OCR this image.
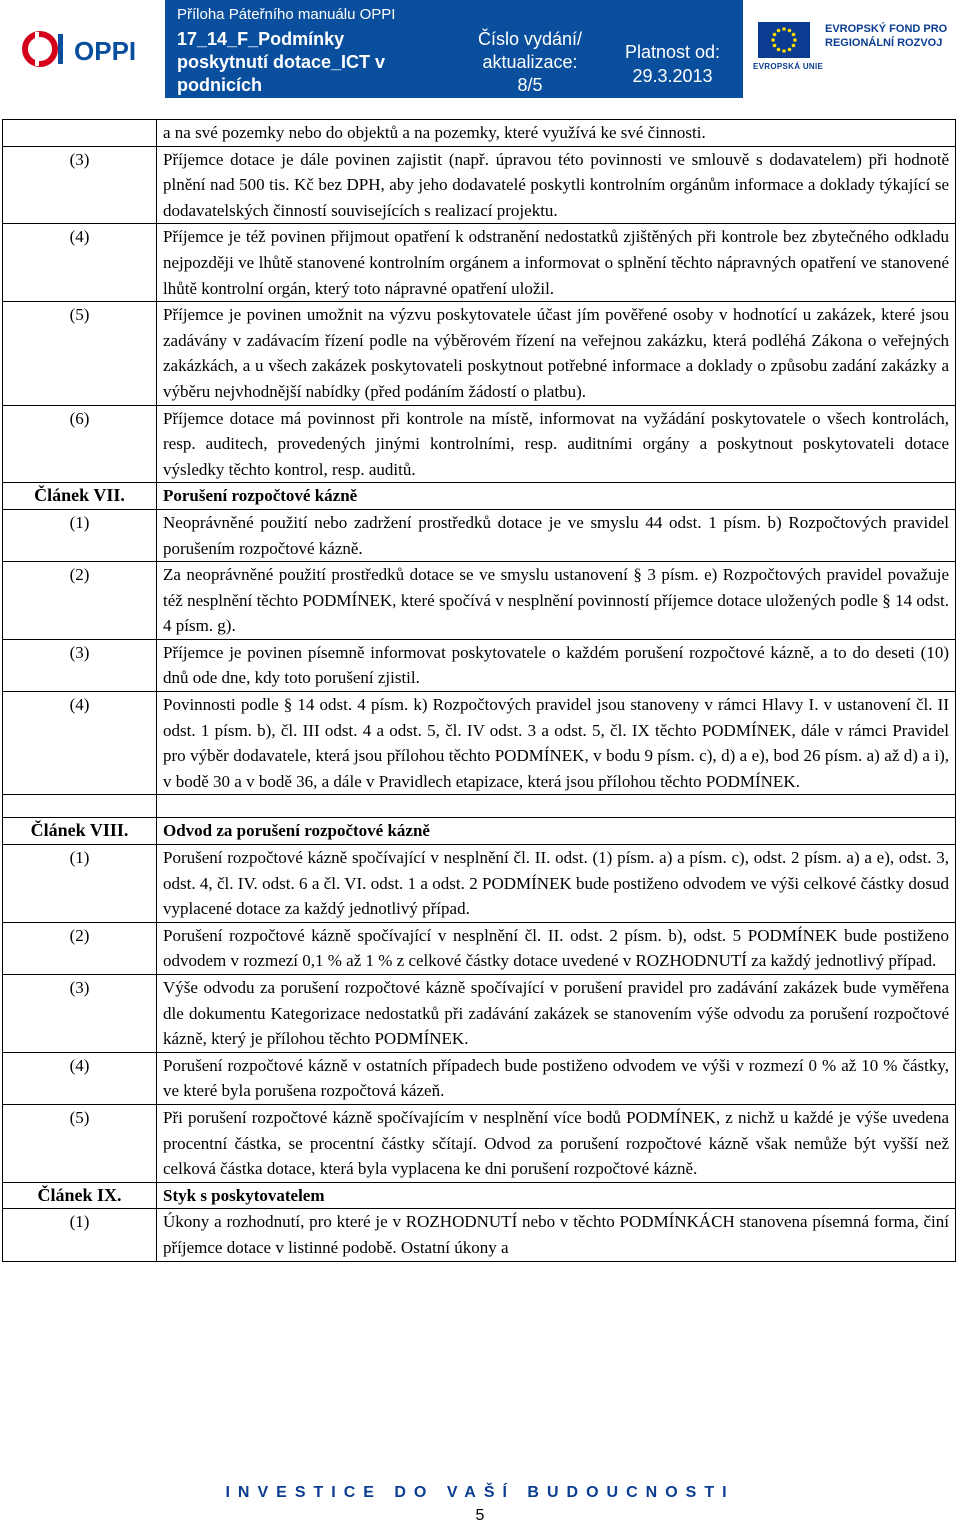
OPPI
Příloha Páteřního manuálu OPPI
17_14_F_Podmínky poskytnutí dotace_ICT v podnicích
Číslo vydání/ aktualizace:
8/5
Platnost od:
29.3.2013	EVROPSKÁ UNIE
EVROPSKÝ FOND PRO REGIONÁLNÍ ROZVOJ
a na své pozemky nebo do objektů a na pozemky, které využívá ke své činnosti.
(3)	Příjemce dotace je dále povinen zajistit (např. úpravou této povinnosti ve smlouvě s dodavatelem) při hodnotě plnění nad 500 tis. Kč bez DPH, aby jeho dodavatelé poskytli kontrolním orgánům informace a doklady týkající se dodavatelských činností souvisejících s realizací projektu.
(4)	Příjemce je též povinen přijmout opatření k odstranění nedostatků zjištěných při kontrole bez zbytečného odkladu nejpozději ve lhůtě stanovené kontrolním orgánem a informovat o splnění těchto nápravných opatření ve stanovené lhůtě kontrolní orgán, který toto nápravné opatření uložil.
(5)	Příjemce je povinen umožnit na výzvu poskytovatele účast jím pověřené osoby v hodnotící u zakázek, které jsou zadávány v zadávacím řízení podle na výběrovém řízení na veřejnou zakázku, která podléhá Zákona o veřejných zakázkách, a u všech zakázek poskytovateli poskytnout potřebné informace a doklady o způsobu zadání zakázky a výběru nejvhodnější nabídky (před podáním žádostí o platbu).
(6)	Příjemce dotace má povinnost při kontrole na místě, informovat na vyžádání poskytovatele o všech kontrolách, resp. auditech, provedených jinými kontrolními, resp. auditními orgány a poskytnout poskytovateli dotace výsledky těchto kontrol, resp. auditů.
Článek VII.	Porušení rozpočtové kázně
(1)	Neoprávněné použití nebo zadržení prostředků dotace je ve smyslu 44 odst. 1 písm. b) Rozpočtových pravidel porušením rozpočtové kázně.
(2)	Za neoprávněné použití prostředků dotace se ve smyslu ustanovení § 3 písm. e) Rozpočtových pravidel považuje též nesplnění těchto PODMÍNEK, které spočívá v nesplnění povinností příjemce dotace uložených podle § 14 odst. 4 písm. g).
(3)	Příjemce je povinen písemně informovat poskytovatele o každém porušení rozpočtové kázně, a to do deseti (10) dnů ode dne, kdy toto porušení zjistil.
(4)	Povinnosti podle § 14 odst. 4 písm. k) Rozpočtových pravidel jsou stanoveny v rámci Hlavy I. v ustanovení čl. II odst. 1 písm. b), čl. III odst. 4 a odst. 5, čl. IV odst. 3 a odst. 5, čl. IX těchto PODMÍNEK, dále v rámci Pravidel pro výběr dodavatele, která jsou přílohou těchto PODMÍNEK, v bodu 9 písm. c), d) a e), bod 26 písm. a) až d) a i), v bodě 30 a v bodě 36, a dále v Pravidlech etapizace, která jsou přílohou těchto PODMÍNEK.
Článek VIII.	Odvod za porušení rozpočtové kázně
(1)	Porušení rozpočtové kázně spočívající v nesplnění čl. II. odst. (1) písm. a) a písm. c), odst. 2 písm. a) a e), odst. 3, odst. 4, čl. IV. odst. 6 a čl. VI. odst. 1 a odst. 2 PODMÍNEK bude postiženo odvodem ve výši celkové částky dosud vyplacené dotace za každý jednotlivý případ.
(2)	Porušení rozpočtové kázně spočívající v nesplnění čl. II. odst. 2 písm. b), odst. 5 PODMÍNEK bude postiženo odvodem v rozmezí 0,1 % až 1 % z celkové částky dotace uvedené v ROZHODNUTÍ za každý jednotlivý případ.
(3)	Výše odvodu za porušení rozpočtové kázně spočívající v porušení pravidel pro zadávání zakázek bude vyměřena dle dokumentu Kategorizace nedostatků při zadávání zakázek se stanovením výše odvodu za porušení rozpočtové kázně, který je přílohou těchto PODMÍNEK.
(4)	Porušení rozpočtové kázně v ostatních případech bude postiženo odvodem ve výši v rozmezí 0 % až 10 % částky, ve které byla porušena rozpočtová kázeň.
(5)	Při porušení rozpočtové kázně spočívajícím v nesplnění více bodů PODMÍNEK, z nichž u každé je výše uvedena procentní částka, se procentní částky sčítají. Odvod za porušení rozpočtové kázně však nemůže být vyšší než celková částka dotace, která byla vyplacena ke dni porušení rozpočtové kázně.
Článek IX.	Styk s poskytovatelem
(1)	Úkony a rozhodnutí, pro které je v ROZHODNUTÍ nebo v těchto PODMÍNKÁCH stanovena písemná forma, činí příjemce dotace v listinné podobě. Ostatní úkony a
INVESTICE DO VAŠÍ BUDOUCNOSTI
5
